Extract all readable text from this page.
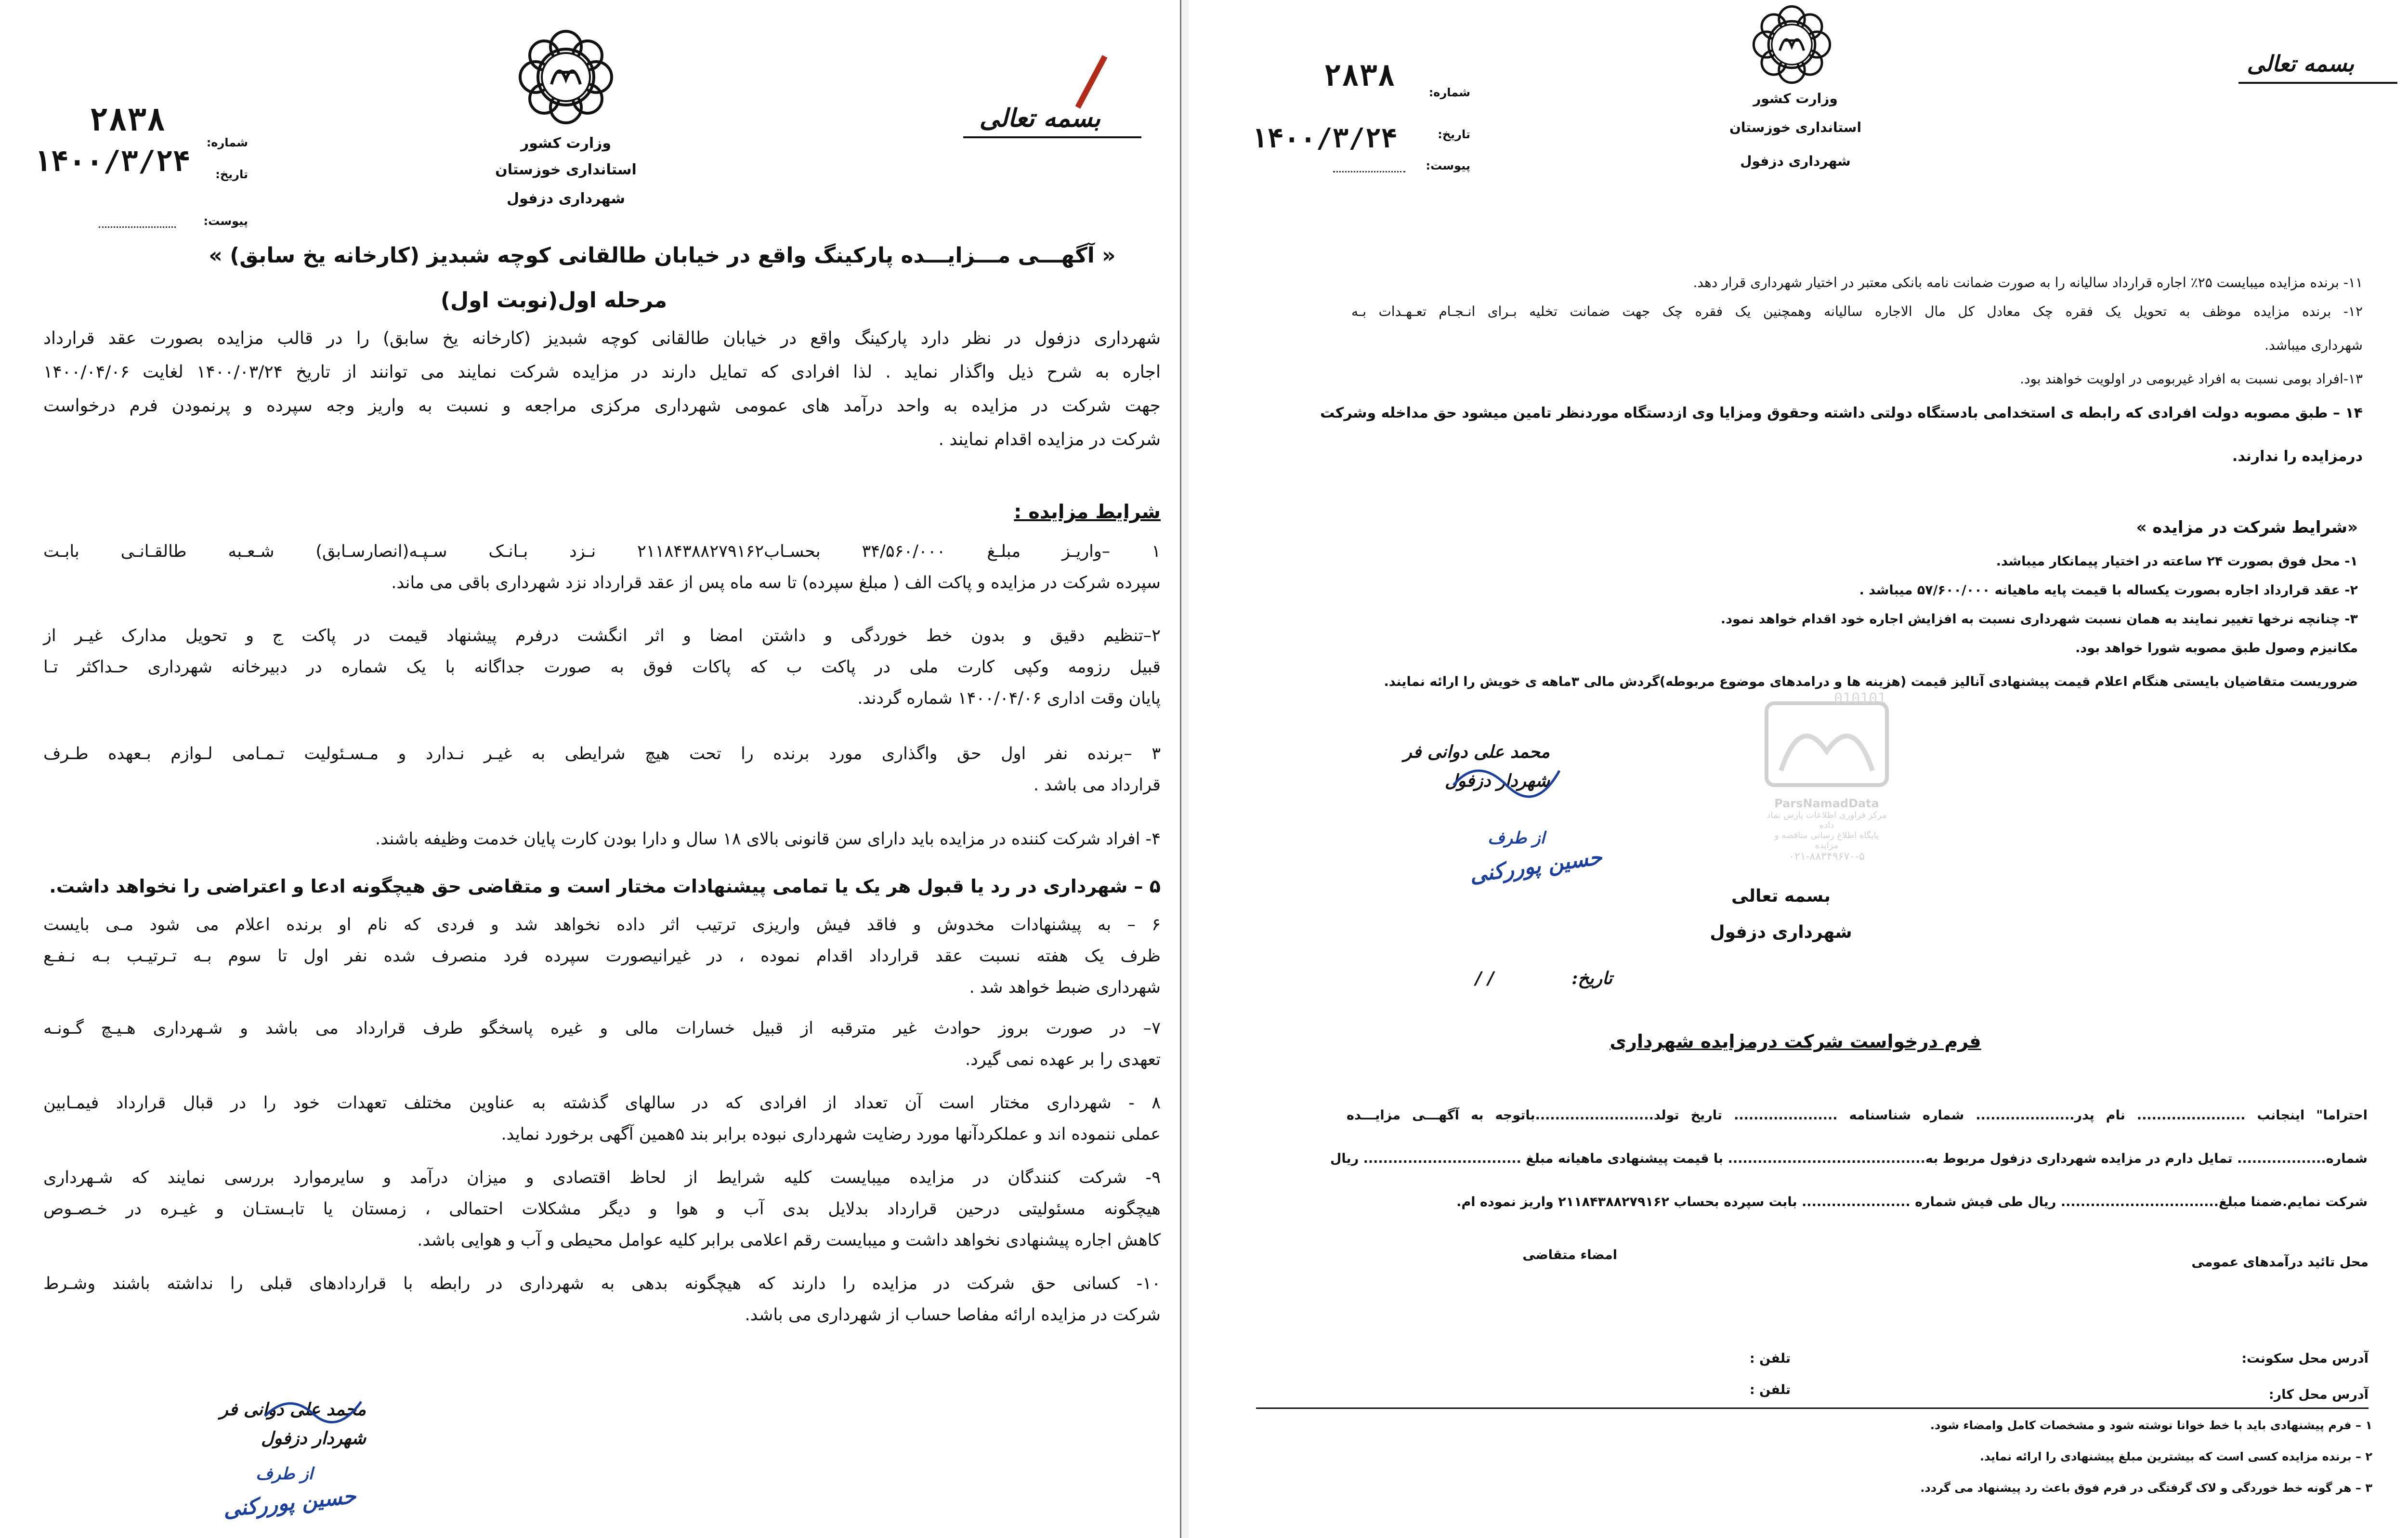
وزارت کشور
استانداری خوزستان
شهرداری دزفول
بسمه تعالی
شماره:
۲۸۳۸
تاریخ:
۱۴۰۰/۳/۲۴
پیوست:
« آگهـــی مـــزایـــده پارکینگ واقع در خیابان طالقانی کوچه شبدیز (کارخانه یخ سابق) »
مرحله اول(نوبت اول)

شهرداری دزفول در نظر دارد پارکینگ واقع در خیابان طالقانی کوچه شبدیز (کارخانه یخ سابق) را در قالب مزایده بصورت عقد قرارداد

اجاره به شرح ذیل واگذار نماید . لذا افرادی که تمایل دارند در مزایده شرکت نمایند می توانند از تاریخ ۱۴۰۰/۰۳/۲۴ لغایت ۱۴۰۰/۰۴/۰۶

جهت شرکت در مزایده به واحد درآمد های عمومی شهرداری مرکزی مراجعه و نسبت به واریز وجه سپرده و پرنمودن فرم درخواست

شرکت در مزایده اقدام نمایند .

شرایط مزایده :

۱ –واریـز مبلـغ ۳۴/۵۶۰/۰۰۰ بحسـاب۲۱۱۸۴۳۸۸۲۷۹۱۶۲ نـزد بـانـک سـپـه(انصارسـابق) شـعـبه طالقـانـی بابـت

سپرده شرکت در مزایده و پاکت الف ( مبلغ سپرده) تا سه ماه پس از عقد قرارداد نزد شهرداری باقی می ماند.

۲–تنظیم دقیق و بدون خط خوردگی و داشتن امضا و اثر انگشت درفرم پیشنهاد قیمت در پاکت ج و تحویل مدارک غیـر از

قبیل رزومه وکپی کارت ملی در پاکت ب که پاکات فوق به صورت جداگانه با یک شماره در دبیرخانه شهرداری حـداکثر تـا

پایان وقت اداری ۱۴۰۰/۰۴/۰۶ شماره گردند.

۳ –برنده نفر اول حق واگذاری مورد برنده را تحت هیچ شرایطی به غیـر نـدارد و مـسـئولیت تـمـامی لـوازم بـعهده طـرف

قرارداد می باشد .

۴- افراد شرکت کننده در مزایده باید دارای سن قانونی بالای ۱۸ سال و دارا بودن کارت پایان خدمت وظیفه باشند.

۵ – شهرداری در رد یا قبول هر یک یا تمامی پیشنهادات مختار است و متقاضی حق هیچگونه ادعا و اعتراضی را نخواهد داشت.

۶ – به پیشنهادات مخدوش و فاقد فیش واریزی ترتیب اثر داده نخواهد شد و فردی که نام او برنده اعلام می شود مـی بایست

ظرف یک هفته نسبت عقد قرارداد اقدام نموده ، در غیرانیصورت سپرده فرد منصرف شده نفر اول تا سوم بـه تـرتیـب بـه نـفـع

شهرداری ضبط خواهد شد .

۷– در صورت بروز حوادث غیر مترقبه از قبیل خسارات مالی و غیره پاسخگو طرف قرارداد می باشد و شـهرداری هـیـچ گـونـه

تعهدی را بر عهده نمی گیرد.

۸ - شهرداری مختار است آن تعداد از افرادی که در سالهای گذشته به عناوین مختلف تعهدات خود را در قبال قرارداد فیمـابین

عملی ننموده اند و عملکردآنها مورد رضایت شهرداری نبوده برابر بند ۵همین آگهی برخورد نماید.

۹- شرکت کنندگان در مزایده میبایست کلیه شرایط از لحاظ اقتصادی و میزان درآمد و سایرموارد بررسی نمایند که شـهرداری

هیچگونه مسئولیتی درحین قرارداد بدلایل بدی آب و هوا و دیگر مشکلات احتمالی ، زمستان یا تابـستـان و غیـره در خـصـوص

کاهش اجاره پیشنهادی نخواهد داشت و میبایست رقم اعلامی برابر کلیه عوامل محیطی و آب و هوایی باشد.

۱۰- کسانی حق شرکت در مزایده را دارند که هیچگونه بدهی به شهرداری در رابطه با قراردادهای قبلی را نداشته باشند وشـرط

شرکت در مزایده ارائه مفاصا حساب از شهرداری می باشد.

محمد علی دوانی فر
شهردار دزفول
از طرف
حسین پوررکنی
وزارت کشور
استانداری خوزستان
شهرداری دزفول
بسمه تعالی
شماره:
۲۸۳۸
تاریخ:
۱۴۰۰/۳/۲۴
پیوست:

۱۱- برنده مزایده میبایست ۲۵٪ اجاره قرارداد سالیانه را به صورت ضمانت نامه بانکی معتبر در اختیار شهرداری قرار دهد.

۱۲- برنده مزایده موظف به تحویل یک فقره چک معادل کل مال الاجاره سالیانه وهمچنین یک فقره چک جهت ضمانت تخلیه بـرای انـجـام تعـهـدات بـه

شهرداری میباشد.

۱۳-افراد بومی نسبت به افراد غیربومی در اولویت خواهند بود.

۱۴ – طبق مصوبه دولت افرادی که رابطه ی استخدامی بادستگاه دولتی داشته وحقوق ومزایا وی ازدستگاه موردنظر تامین میشود حق مداخله وشرکت

درمزایده را ندارند.

«شرایط شرکت در مزایده »
۱- محل فوق بصورت ۲۴ ساعته در اختیار پیمانکار میباشد.
۲- عقد قرارداد اجاره بصورت یکساله با قیمت پایه ماهیانه ۵۷/۶۰۰/۰۰۰ میباشد .
۳- چنانچه نرخها تغییر نمایند به همان نسبت شهرداری نسبت به افزایش اجاره خود اقدام خواهد نمود.
مکانیزم وصول طبق مصوبه شورا خواهد بود.
ضروریست متقاضیان بایستی هنگام اعلام قیمت پیشنهادی آنالیز قیمت (هزینه ها و درامدهای موضوع مربوطه)گردش مالی ۳ماهه ی خویش را ارائه نمایند.
010101
ParsNamadData
مرکز فراوری اطلاعات پارس نماد داده
پایگاه اطلاع رسانی مناقصه و مزایده
۰۲۱-۸۸۳۴۹۶۷۰-۵
محمد علی دوانی فر
شهردار دزفول
از طرف
حسین پوررکنی
بسمه تعالی
شهرداری دزفول
تاریخ:
/ /
فرم درخواست شرکت درمزایده شهرداری

احتراما" اینجانب ...................... نام پدر.................... شماره شناسنامه ..................... تاریخ تولد........................باتوجه به آگهـــی مزایـــده

شماره.................. تمایل دارم در مزایده شهرداری دزفول مربوط به........................................ با قیمت پیشنهادی ماهیانه مبلغ ................................ ریال

شرکت نمایم.ضمنا مبلغ................................ ریال طی فیش شماره ...................... بابت سپرده بحساب ۲۱۱۸۴۳۸۸۲۷۹۱۶۲ واریز نموده ام.

امضاء متقاضی	محل تائید درآمدهای عمومی
آدرس محل سکونت:
تلفن :
آدرس محل کار:
تلفن :
۱ – فرم پیشنهادی باید با خط خوانا نوشته شود و مشخصات کامل وامضاء شود.
۲ – برنده مزایده کسی است که بیشترین مبلغ پیشنهادی را ارائه نماید.
۳ – هر گونه خط خوردگی و لاک گرفتگی در فرم فوق باعث رد پیشنهاد می گردد.
